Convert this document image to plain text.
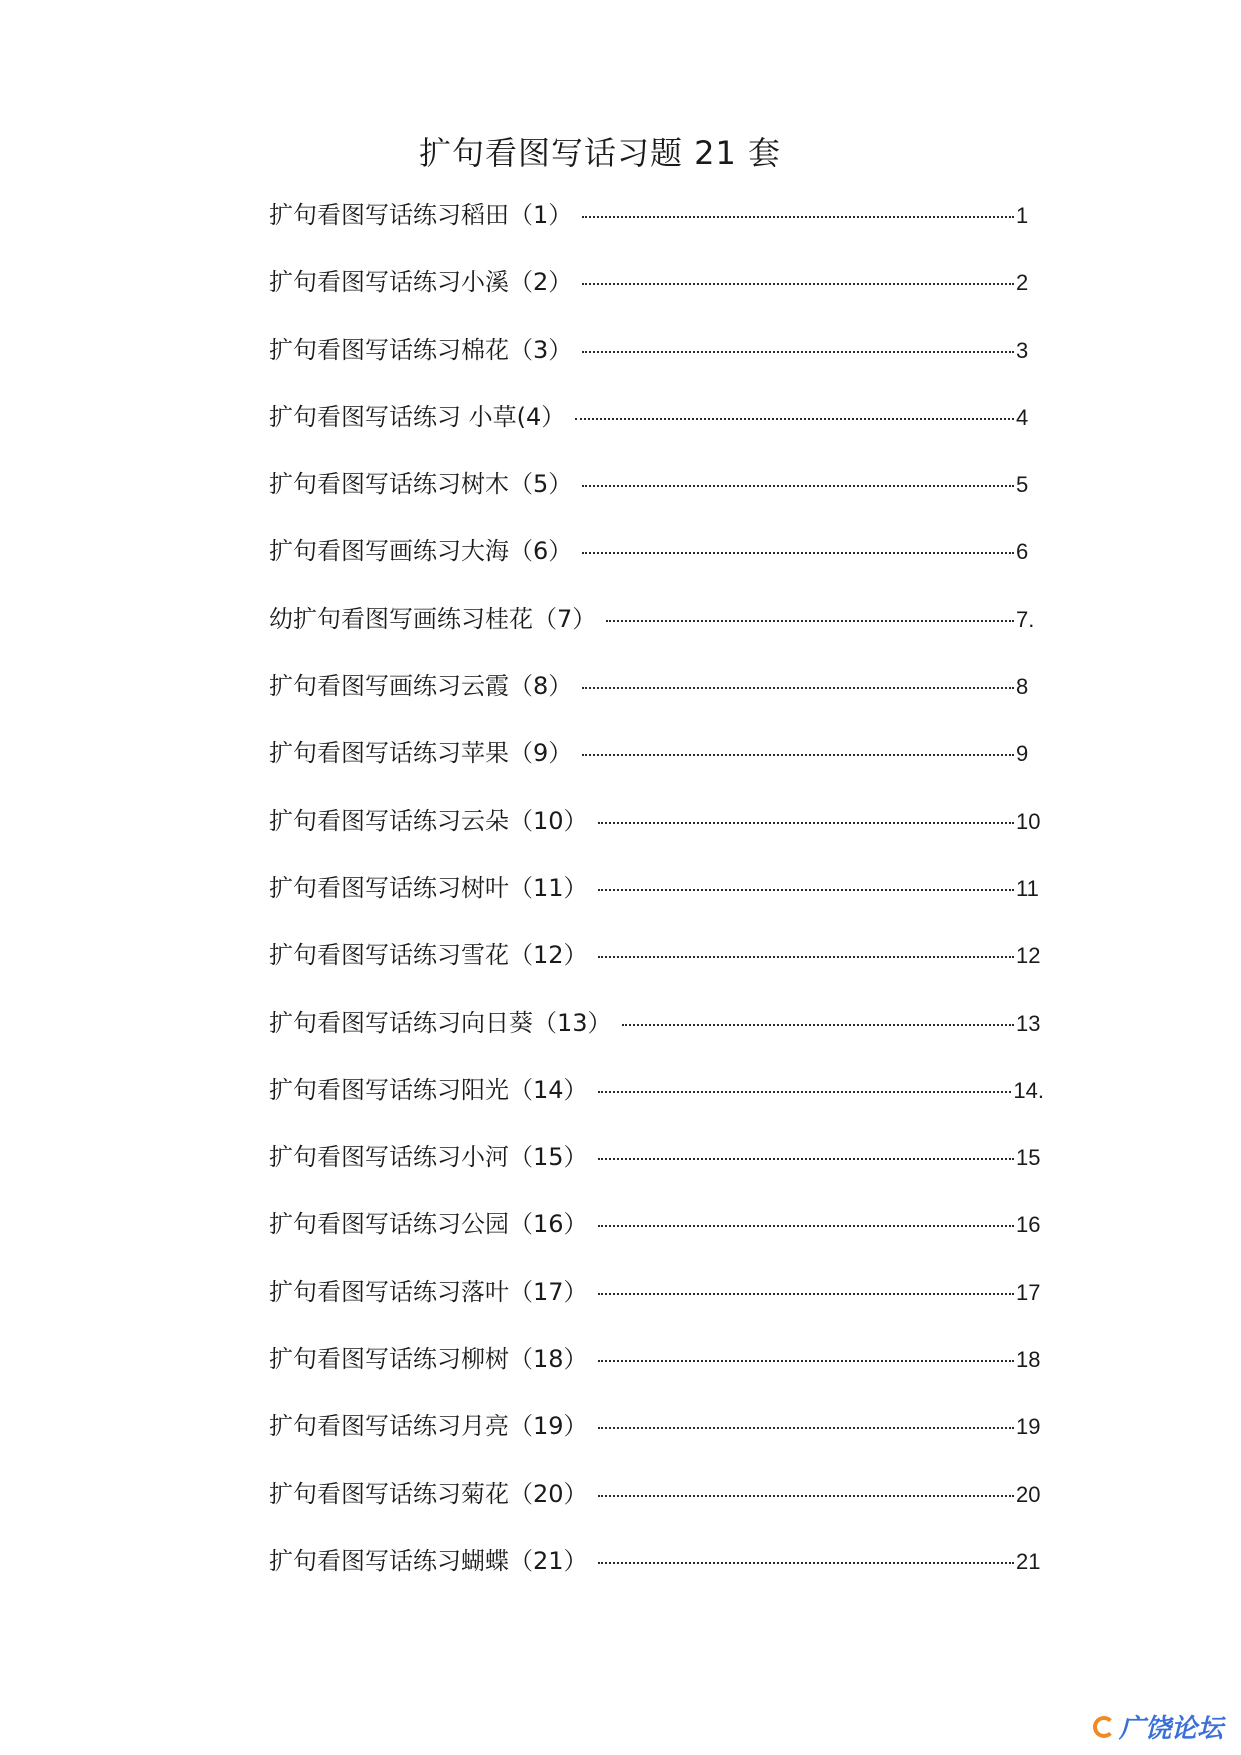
扩句看图写话习题 21 套
扩句看图写话练习稻田（1）	1
扩句看图写话练习小溪（2）	2
扩句看图写话练习棉花（3）	3
扩句看图写话练习 小草(4）	4
扩句看图写话练习树木（5）	5
扩句看图写画练习大海（6）	6
幼扩句看图写画练习桂花（7）	7.
扩句看图写画练习云霞（8）	8
扩句看图写话练习苹果（9）	9
扩句看图写话练习云朵（10）	10
扩句看图写话练习树叶（11）	11
扩句看图写话练习雪花（12）	12
扩句看图写话练习向日葵（13）	13
扩句看图写话练习阳光（14）	14.
扩句看图写话练习小河（15）	15
扩句看图写话练习公园（16）	16
扩句看图写话练习落叶（17）	17
扩句看图写话练习柳树（18）	18
扩句看图写话练习月亮（19）	19
扩句看图写话练习菊花（20）	20
扩句看图写话练习蝴蝶（21）	21
广饶论坛
